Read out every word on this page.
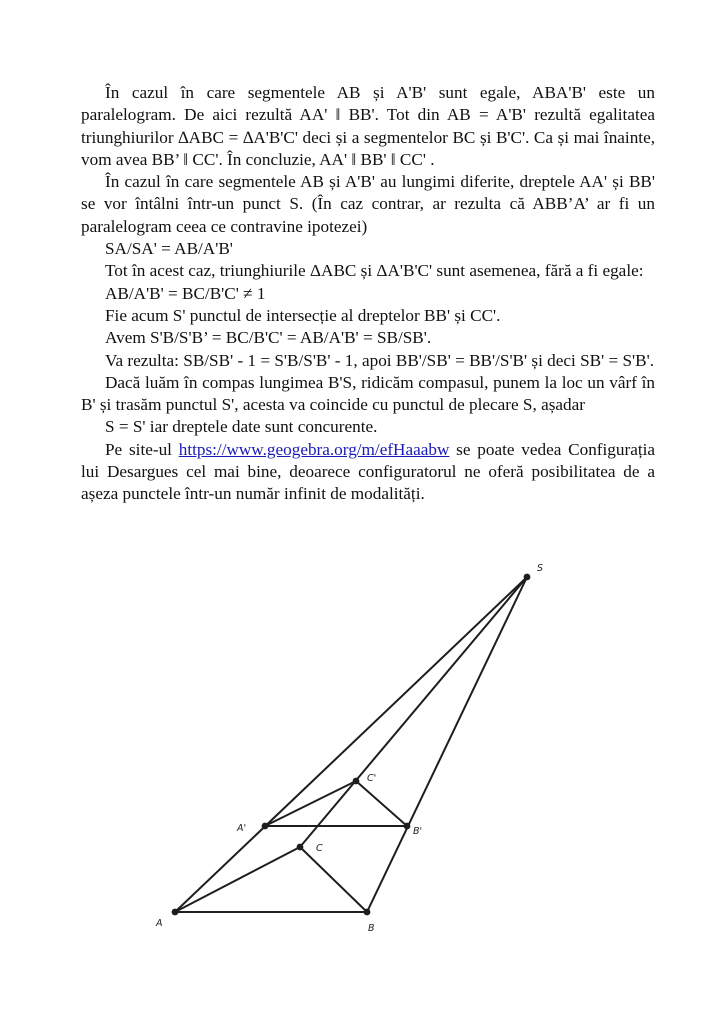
În cazul în care segmentele AB și A'B' sunt egale, ABA'B' este un paralelogram. De aici rezultă AA' ‖ BB'. Tot din AB = A'B' rezultă egalitatea triunghiurilor ∆ABC = ∆A'B'C' deci și a segmentelor BC și B'C'. Ca și mai înainte, vom avea BB’ ‖ CC'. În concluzie, AA' ‖ BB' ‖ CC' .

În cazul în care segmentele AB și A'B' au lungimi diferite, dreptele AA' și BB' se vor întâlni într-un punct S. (În caz contrar, ar rezulta că ABB’A’ ar fi un paralelogram ceea ce contravine ipotezei)

SA/SA' = AB/A'B'

Tot în acest caz, triunghiurile ΔABC și ΔA'B'C' sunt asemenea, fără a fi egale:

AB/A'B' = BC/B'C' ≠ 1

Fie acum S' punctul de intersecție al dreptelor BB' și CC'.

Avem S'B/S'B’ = BC/B'C' = AB/A'B' = SB/SB'.

Va rezulta: SB/SB' - 1 = S'B/S'B' - 1, apoi BB'/SB' = BB'/S'B' și deci SB' = S'B'.

Dacă luăm în compas lungimea B'S, ridicăm compasul, punem la loc un vârf în B' și trasăm punctul S', acesta va coincide cu punctul de plecare S, așadar

S = S' iar dreptele date sunt concurente.

Pe site-ul https://www.geogebra.org/m/efHaaabw se poate vedea Configurația lui Desargues cel mai bine, deoarece configuratorul ne oferă posibilitatea de a așeza punctele într-un număr infinit de modalități.

S
A	B
C
A'	B'
C'
